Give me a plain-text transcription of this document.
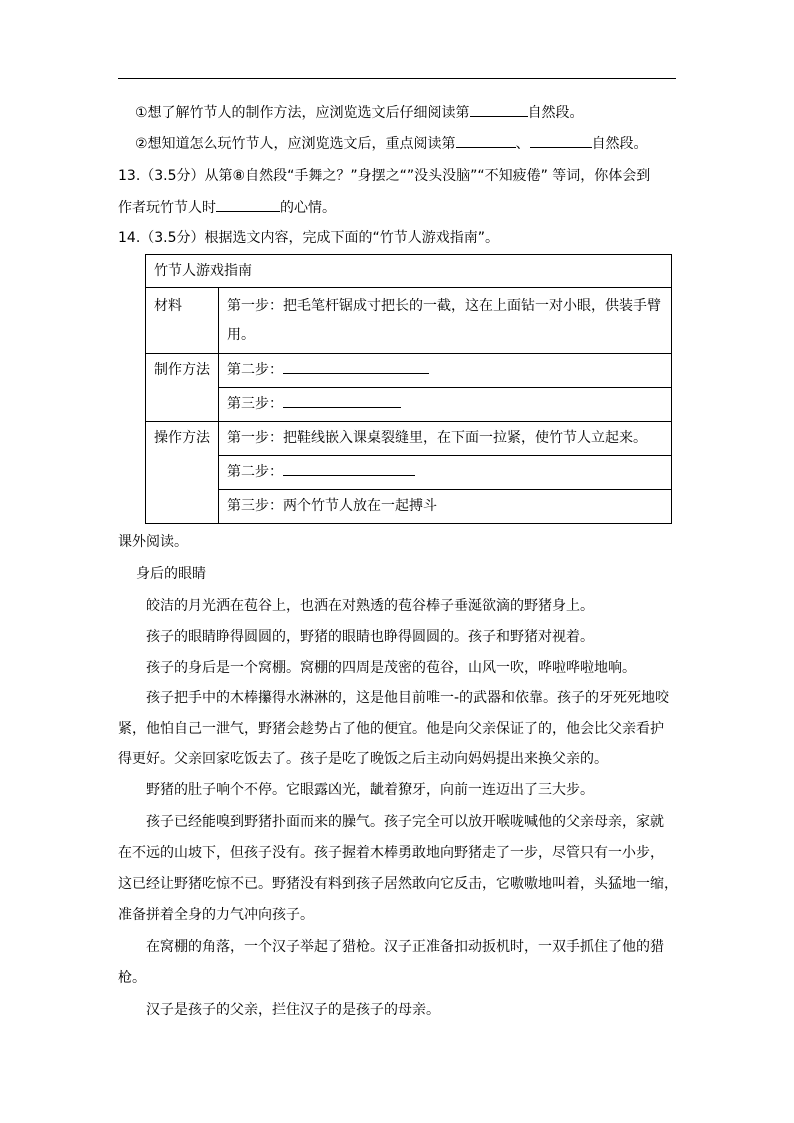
①想了解竹节人的制作方法，应浏览选文后仔细阅读第	自然段。
②想知道怎么玩竹节人，应浏览选文后，重点阅读第	、	自然段。
13.（3.5分）从第⑧自然段“手舞之？”身摆之“”没头没脑”“不知疲倦” 等词，你体会到
作者玩竹节人时	的心情。
14.（3.5分）根据选文内容，完成下面的“竹节人游戏指南”。
竹节人游戏指南	
材料	第一步：把毛笔杆锯成寸把长的一截，这在上面钻一对小眼，供装手臂
用。

制作方法	第二步：
	第三步：
操作方法	第一步：把鞋线嵌入课桌裂缝里，在下面一拉紧，使竹节人立起来。
	第二步：
	第三步：两个竹节人放在一起搏斗
课外阅读。
身后的眼睛
皎洁的月光洒在苞谷上，也洒在对熟透的苞谷棒子垂涎欲滴的野猪身上。
孩子的眼睛睁得圆圆的，野猪的眼睛也睁得圆圆的。孩子和野猪对视着。
孩子的身后是一个窝棚。窝棚的四周是茂密的苞谷，山风一吹，哗啦哗啦地响。
孩子把手中的木棒攥得水淋淋的，这是他目前唯一-的武器和依靠。孩子的牙死死地咬
紧，他怕自己一泄气，野猪会趁势占了他的便宜。他是向父亲保证了的，他会比父亲看护
得更好。父亲回家吃饭去了。孩子是吃了晚饭之后主动向妈妈提出来换父亲的。
野猪的肚子响个不停。它眼露凶光，龇着獠牙，向前一连迈出了三大步。
孩子已经能嗅到野猪扑面而来的臊气。孩子完全可以放开喉咙喊他的父亲母亲，家就
在不远的山坡下，但孩子没有。孩子握着木棒勇敢地向野猪走了一步，尽管只有一小步，
这已经让野猪吃惊不已。野猪没有料到孩子居然敢向它反击，它嗷嗷地叫着，头猛地一缩，
准备拼着全身的力气冲向孩子。
在窝棚的角落，一个汉子举起了猎枪。汉子正准备扣动扳机时，一双手抓住了他的猎
枪。
汉子是孩子的父亲，拦住汉子的是孩子的母亲。
